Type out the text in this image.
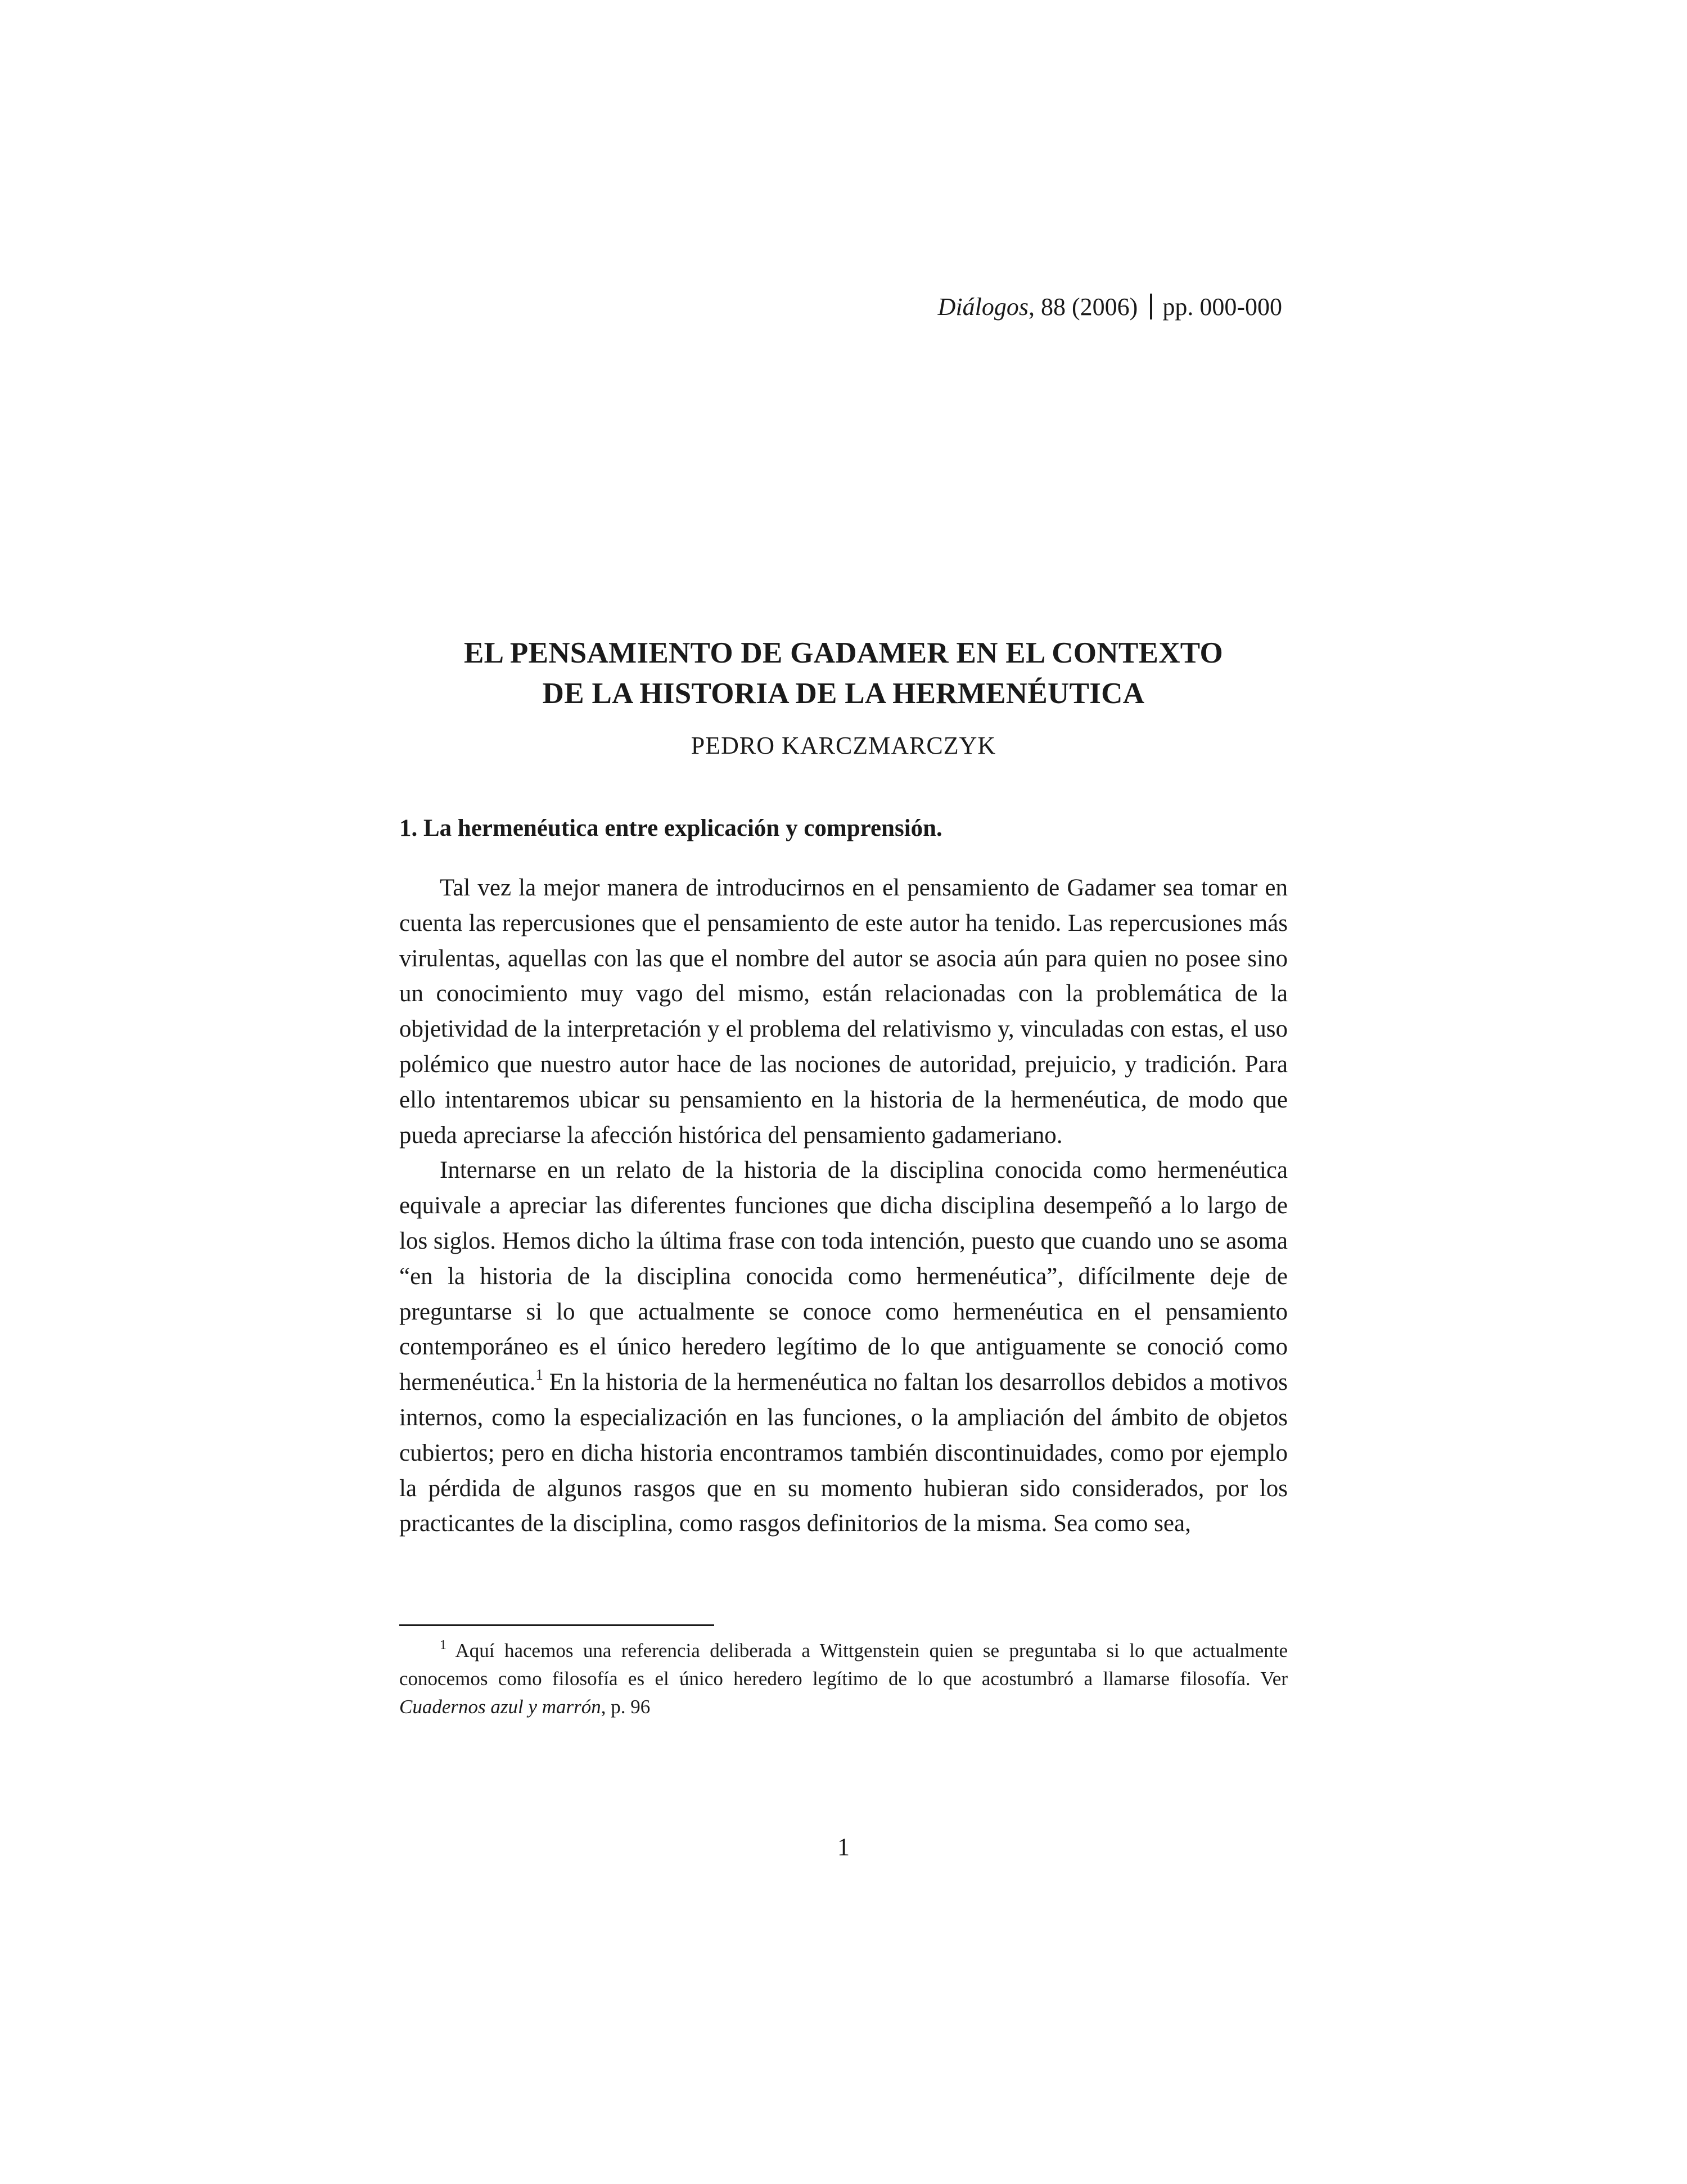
Diálogos, 88 (2006) pp. 000-000
EL PENSAMIENTO DE GADAMER EN EL CONTEXTO
DE LA HISTORIA DE LA HERMENÉUTICA
PEDRO KARCZMARCZYK
1. La hermenéutica entre explicación y comprensión.

Tal vez la mejor manera de introducirnos en el pensamiento de Gadamer sea tomar en cuenta las repercusiones que el pensamiento de este autor ha tenido. Las repercusiones más virulentas, aquellas con las que el nombre del autor se asocia aún para quien no posee sino un conocimiento muy vago del mismo, están relacionadas con la problemática de la objetividad de la interpretación y el problema del relativismo y, vinculadas con estas, el uso polémico que nuestro autor hace de las nociones de autoridad, prejuicio, y tradición. Para ello intentaremos ubicar su pensamiento en la historia de la hermenéutica, de modo que pueda apreciarse la afección histórica del pensamiento gadameriano.

Internarse en un relato de la historia de la disciplina conocida como hermenéutica equivale a apreciar las diferentes funciones que dicha disciplina desempeñó a lo largo de los siglos. Hemos dicho la última frase con toda intención, puesto que cuando uno se asoma “en la historia de la disciplina conocida como hermenéutica”, difícilmente deje de preguntarse si lo que actualmente se conoce como hermenéutica en el pensamiento contemporáneo es el único heredero legítimo de lo que antiguamente se conoció como hermenéutica.$^1$ En la historia de la hermenéutica no faltan los desarrollos debidos a motivos internos, como la especialización en las funciones, o la ampliación del ámbito de objetos cubiertos; pero en dicha historia encontramos también discontinuidades, como por ejemplo la pérdida de algunos rasgos que en su momento hubieran sido considerados, por los practicantes de la disciplina, como rasgos definitorios de la misma. Sea como sea,

$^1$ Aquí hacemos una referencia deliberada a Wittgenstein quien se preguntaba si lo que actualmente conocemos como filosofía es el único heredero legítimo de lo que acostumbró a llamarse filosofía. Ver Cuadernos azul y marrón, p. 96

1
